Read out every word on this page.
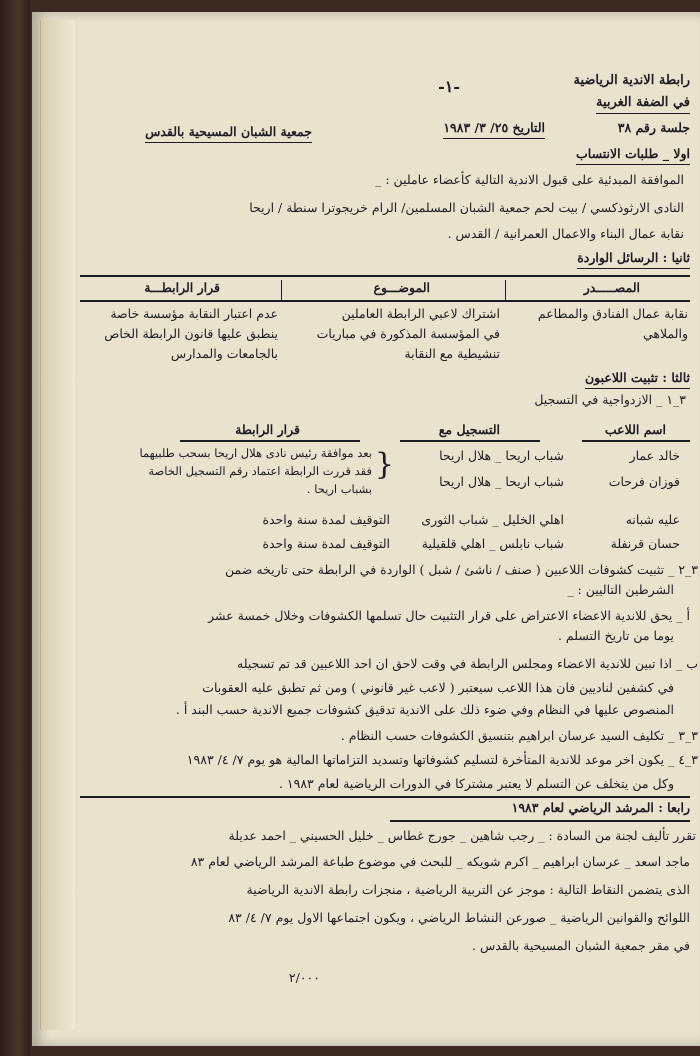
رابطة الاندية الرياضية
في الضفة الغربية
-١-
جلسة رقم ٣٨
التاريخ ٢٥/ ٣/ ١٩٨٣
جمعية الشبان المسيحية بالقدس
اولا _ طلبات الانتساب
الموافقة المبدئية على قبول الاندية التالية كأعضاء عاملين : _
النادى الارثوذكسي / بيت لحم جمعية الشبان المسلمين/ الرام خريجوترا سنطة / اريحا
نقابة عمال البناء والاعمال العمرانية / القدس .
ثانيا : الرسائل الواردة
المصـــــدر
الموضـــوع
قرار الرابطـــة
نقابة عمال الفنادق والمطاعم
والملاهي
اشتراك لاعبي الرابطة العاملين
في المؤسسة المذكورة في مباريات
تنشيطية مع النقابة
عدم اعتبار النقابة مؤسسة خاصة
ينطبق عليها قانون الرابطة الخاص
بالجامعات والمدارس
ثالثا : تثبيت اللاعبون
٣_١ _ الازدواجية في التسجيل
اسم اللاعب
التسجيل مع
قرار الرابطة
خالد عمار
شباب اريحا _ هلال اريحا
فوزان فرحات
شباب اريحا _ هلال اريحا
{
بعد موافقة رئيس نادى هلال اريحا بسحب طلبيهما
فقد قررت الرابطة اعتماد رقم التسجيل الخاصة
بشباب اريحا .
عليه شبانه
اهلي الخليل _ شباب الثورى
التوقيف لمدة سنة واحدة
حسان قرنفلة
شباب نابلس _ اهلي قلقيلية
التوقيف لمدة سنة واحدة
٣_٢ _ تثبيت كشوفات اللاعبين ( صنف / ناشئ / شبل ) الواردة في الرابطة حتى تاريخه ضمن
الشرطين التاليين : _
أ _ يحق للاندية الاعضاء الاعتراض على قرار التثبيت حال تسلمها الكشوفات وخلال خمسة عشر
يوما من تاريخ التسلم .
ب _ اذا تبين للاندية الاعضاء ومجلس الرابطة في وقت لاحق ان احد اللاعبين قد تم تسجيله
في كشفين لناديين فان هذا اللاعب سيعتبر ( لاعب غير قانوني ) ومن ثم تطبق عليه العقوبات
المنصوص عليها في النظام وفي ضوء ذلك على الاندية تدقيق كشوفات جميع الاندية حسب البند أ .
٣_٣ _ تكليف السيد عرسان ابراهيم بتنسيق الكشوفات حسب النظام .
٣_٤ _ يكون اخر موعد للاندية المتأخرة لتسليم كشوفاتها وتسديد التزاماتها المالية هو يوم ٧/ ٤/ ١٩٨٣
وكل من يتخلف عن التسلم لا يعتبر مشتركا في الدورات الرياضية لعام ١٩٨٣ .
رابعا : المرشد الرياضي لعام ١٩٨٣
تقرر تأليف لجنة من السادة : _ رجب شاهين _ جورج غطاس _ خليل الحسيني _ احمد عديلة
ماجد اسعد _ عرسان ابراهيم _ اكرم شويكه _ للبحث في موضوع طباعة المرشد الرياضي لعام ٨٣
الذى يتضمن النقاط التالية : موجز عن التربية الرياضية ، منجزات رابطة الاندية الرياضية
اللوائح والقوانين الرياضية _ صورعن النشاط الرياضي ، ويكون اجتماعها الاول يوم ٧/ ٤/ ٨٣
في مقر جمعية الشبان المسيحية بالقدس .
٢/٠٠٠
